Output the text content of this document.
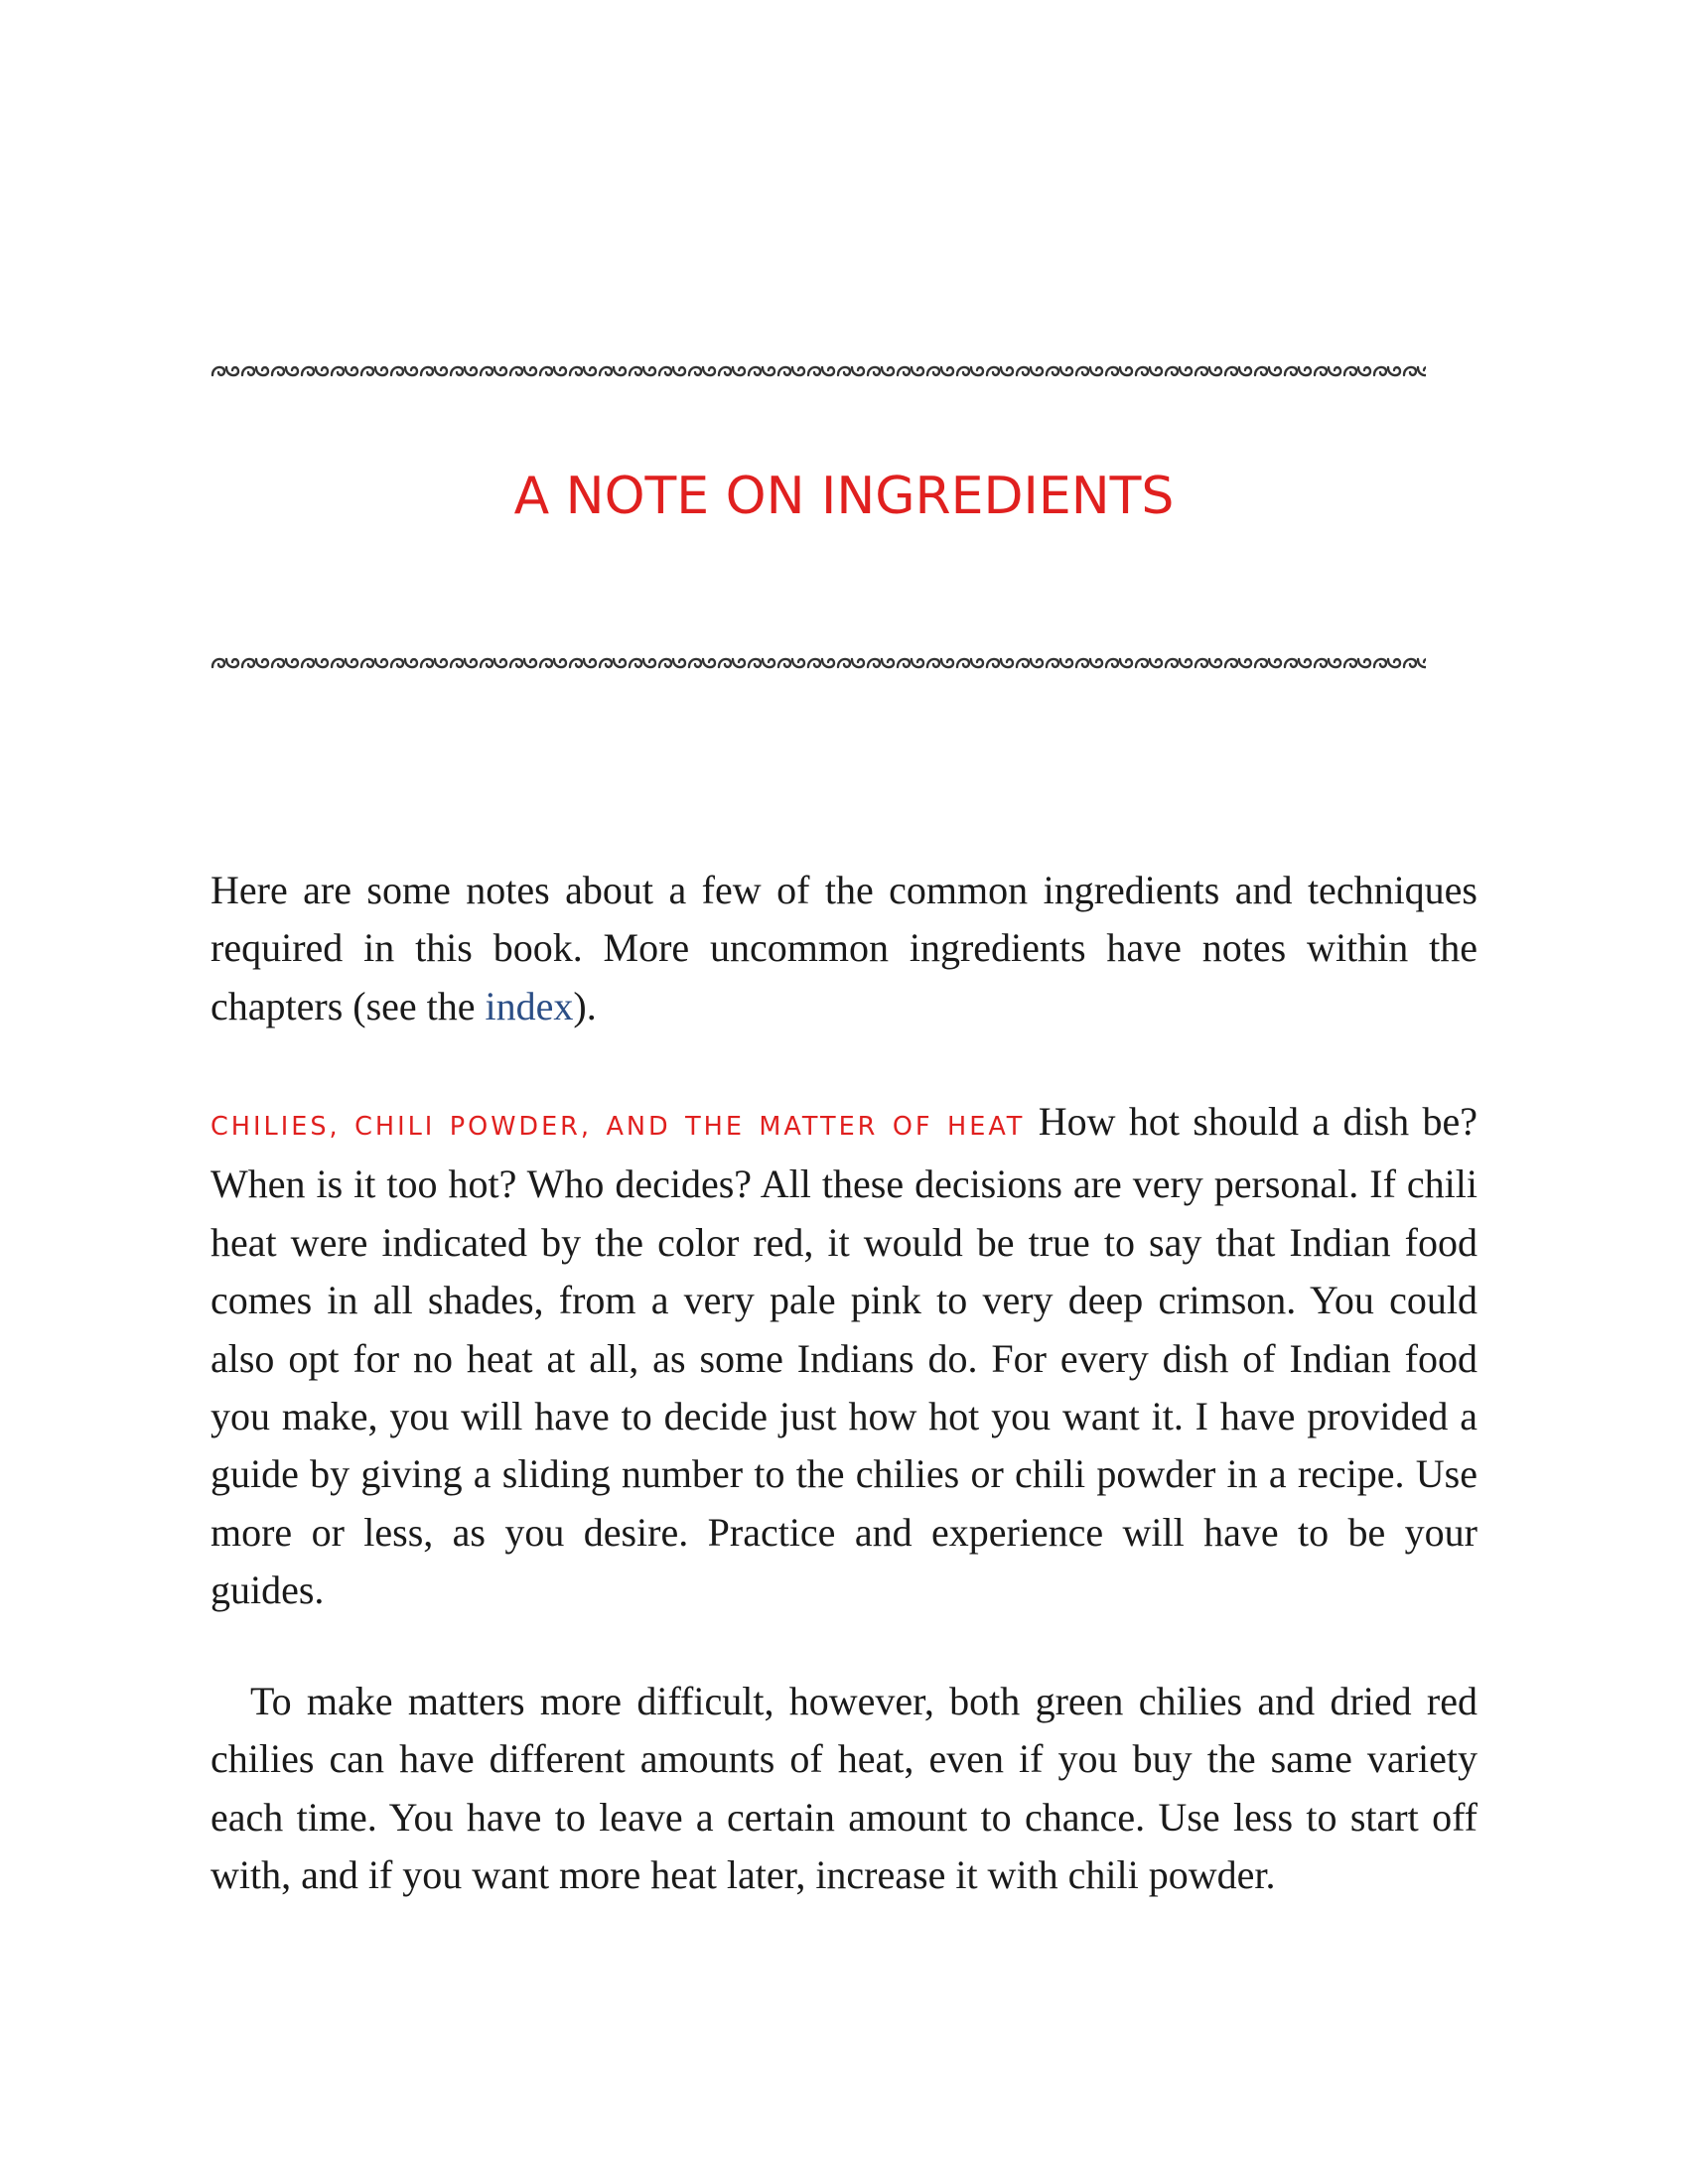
A NOTE ON INGREDIENTS

Here are some notes about a few of the common ingredients and techniques required in this book. More uncommon ingredients have notes within the chapters (see the index).

CHILIES, CHILI POWDER, AND THE MATTER OF HEAT How hot should a dish be? When is it too hot? Who decides? All these decisions are very personal. If chili heat were indicated by the color red, it would be true to say that Indian food comes in all shades, from a very pale pink to very deep crimson. You could also opt for no heat at all, as some Indians do. For every dish of Indian food you make, you will have to decide just how hot you want it. I have provided a guide by giving a sliding number to the chilies or chili powder in a recipe. Use more or less, as you desire. Practice and experience will have to be your guides.

To make matters more difficult, however, both green chilies and dried red chilies can have different amounts of heat, even if you buy the same variety each time. You have to leave a certain amount to chance. Use less to start off with, and if you want more heat later, increase it with chili powder.
